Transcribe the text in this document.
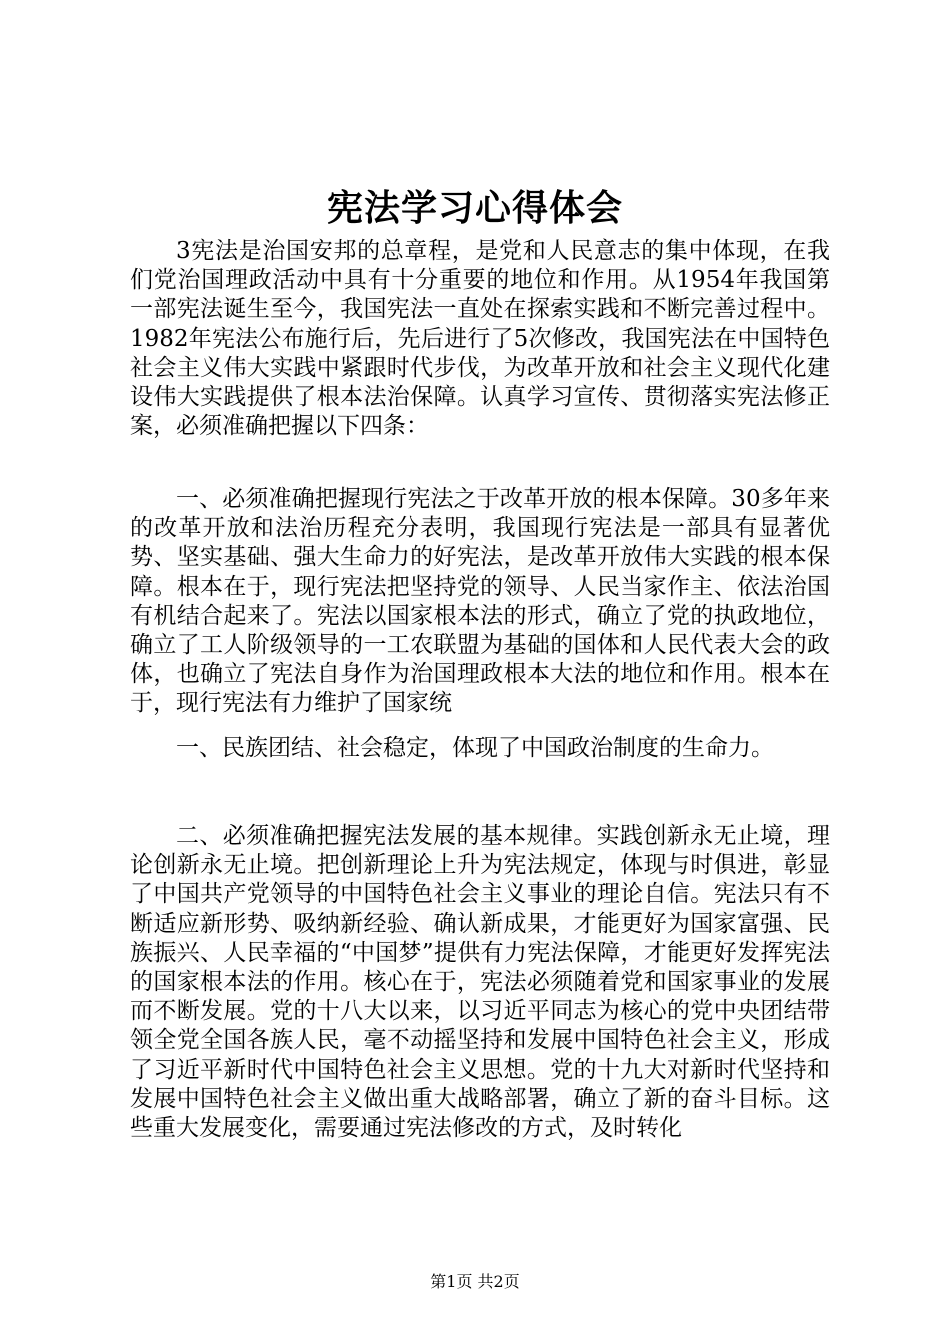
宪法学习心得体会

3宪法是治国安邦的总章程，是党和人民意志的集中体现，在我们党治国理政活动中具有十分重要的地位和作用。从1954年我国第一部宪法诞生至今，我国宪法一直处在探索实践和不断完善过程中。1982年宪法公布施行后，先后进行了5次修改，我国宪法在中国特色社会主义伟大实践中紧跟时代步伐，为改革开放和社会主义现代化建设伟大实践提供了根本法治保障。认真学习宣传、贯彻落实宪法修正案，必须准确把握以下四条：

一、必须准确把握现行宪法之于改革开放的根本保障。30多年来的改革开放和法治历程充分表明，我国现行宪法是一部具有显著优势、坚实基础、强大生命力的好宪法，是改革开放伟大实践的根本保障。根本在于，现行宪法把坚持党的领导、人民当家作主、依法治国有机结合起来了。宪法以国家根本法的形式，确立了党的执政地位，确立了工人阶级领导的一工农联盟为基础的国体和人民代表大会的政体，也确立了宪法自身作为治国理政根本大法的地位和作用。根本在于，现行宪法有力维护了国家统

一、民族团结、社会稳定，体现了中国政治制度的生命力。

二、必须准确把握宪法发展的基本规律。实践创新永无止境，理论创新永无止境。把创新理论上升为宪法规定，体现与时俱进，彰显了中国共产党领导的中国特色社会主义事业的理论自信。宪法只有不断适应新形势、吸纳新经验、确认新成果，才能更好为国家富强、民族振兴、人民幸福的“中国梦”提供有力宪法保障，才能更好发挥宪法的国家根本法的作用。核心在于，宪法必须随着党和国家事业的发展而不断发展。党的十八大以来，以习近平同志为核心的党中央团结带领全党全国各族人民，毫不动摇坚持和发展中国特色社会主义，形成了习近平新时代中国特色社会主义思想。党的十九大对新时代坚持和发展中国特色社会主义做出重大战略部署，确立了新的奋斗目标。这些重大发展变化，需要通过宪法修改的方式，及时转化

第1页 共2页
